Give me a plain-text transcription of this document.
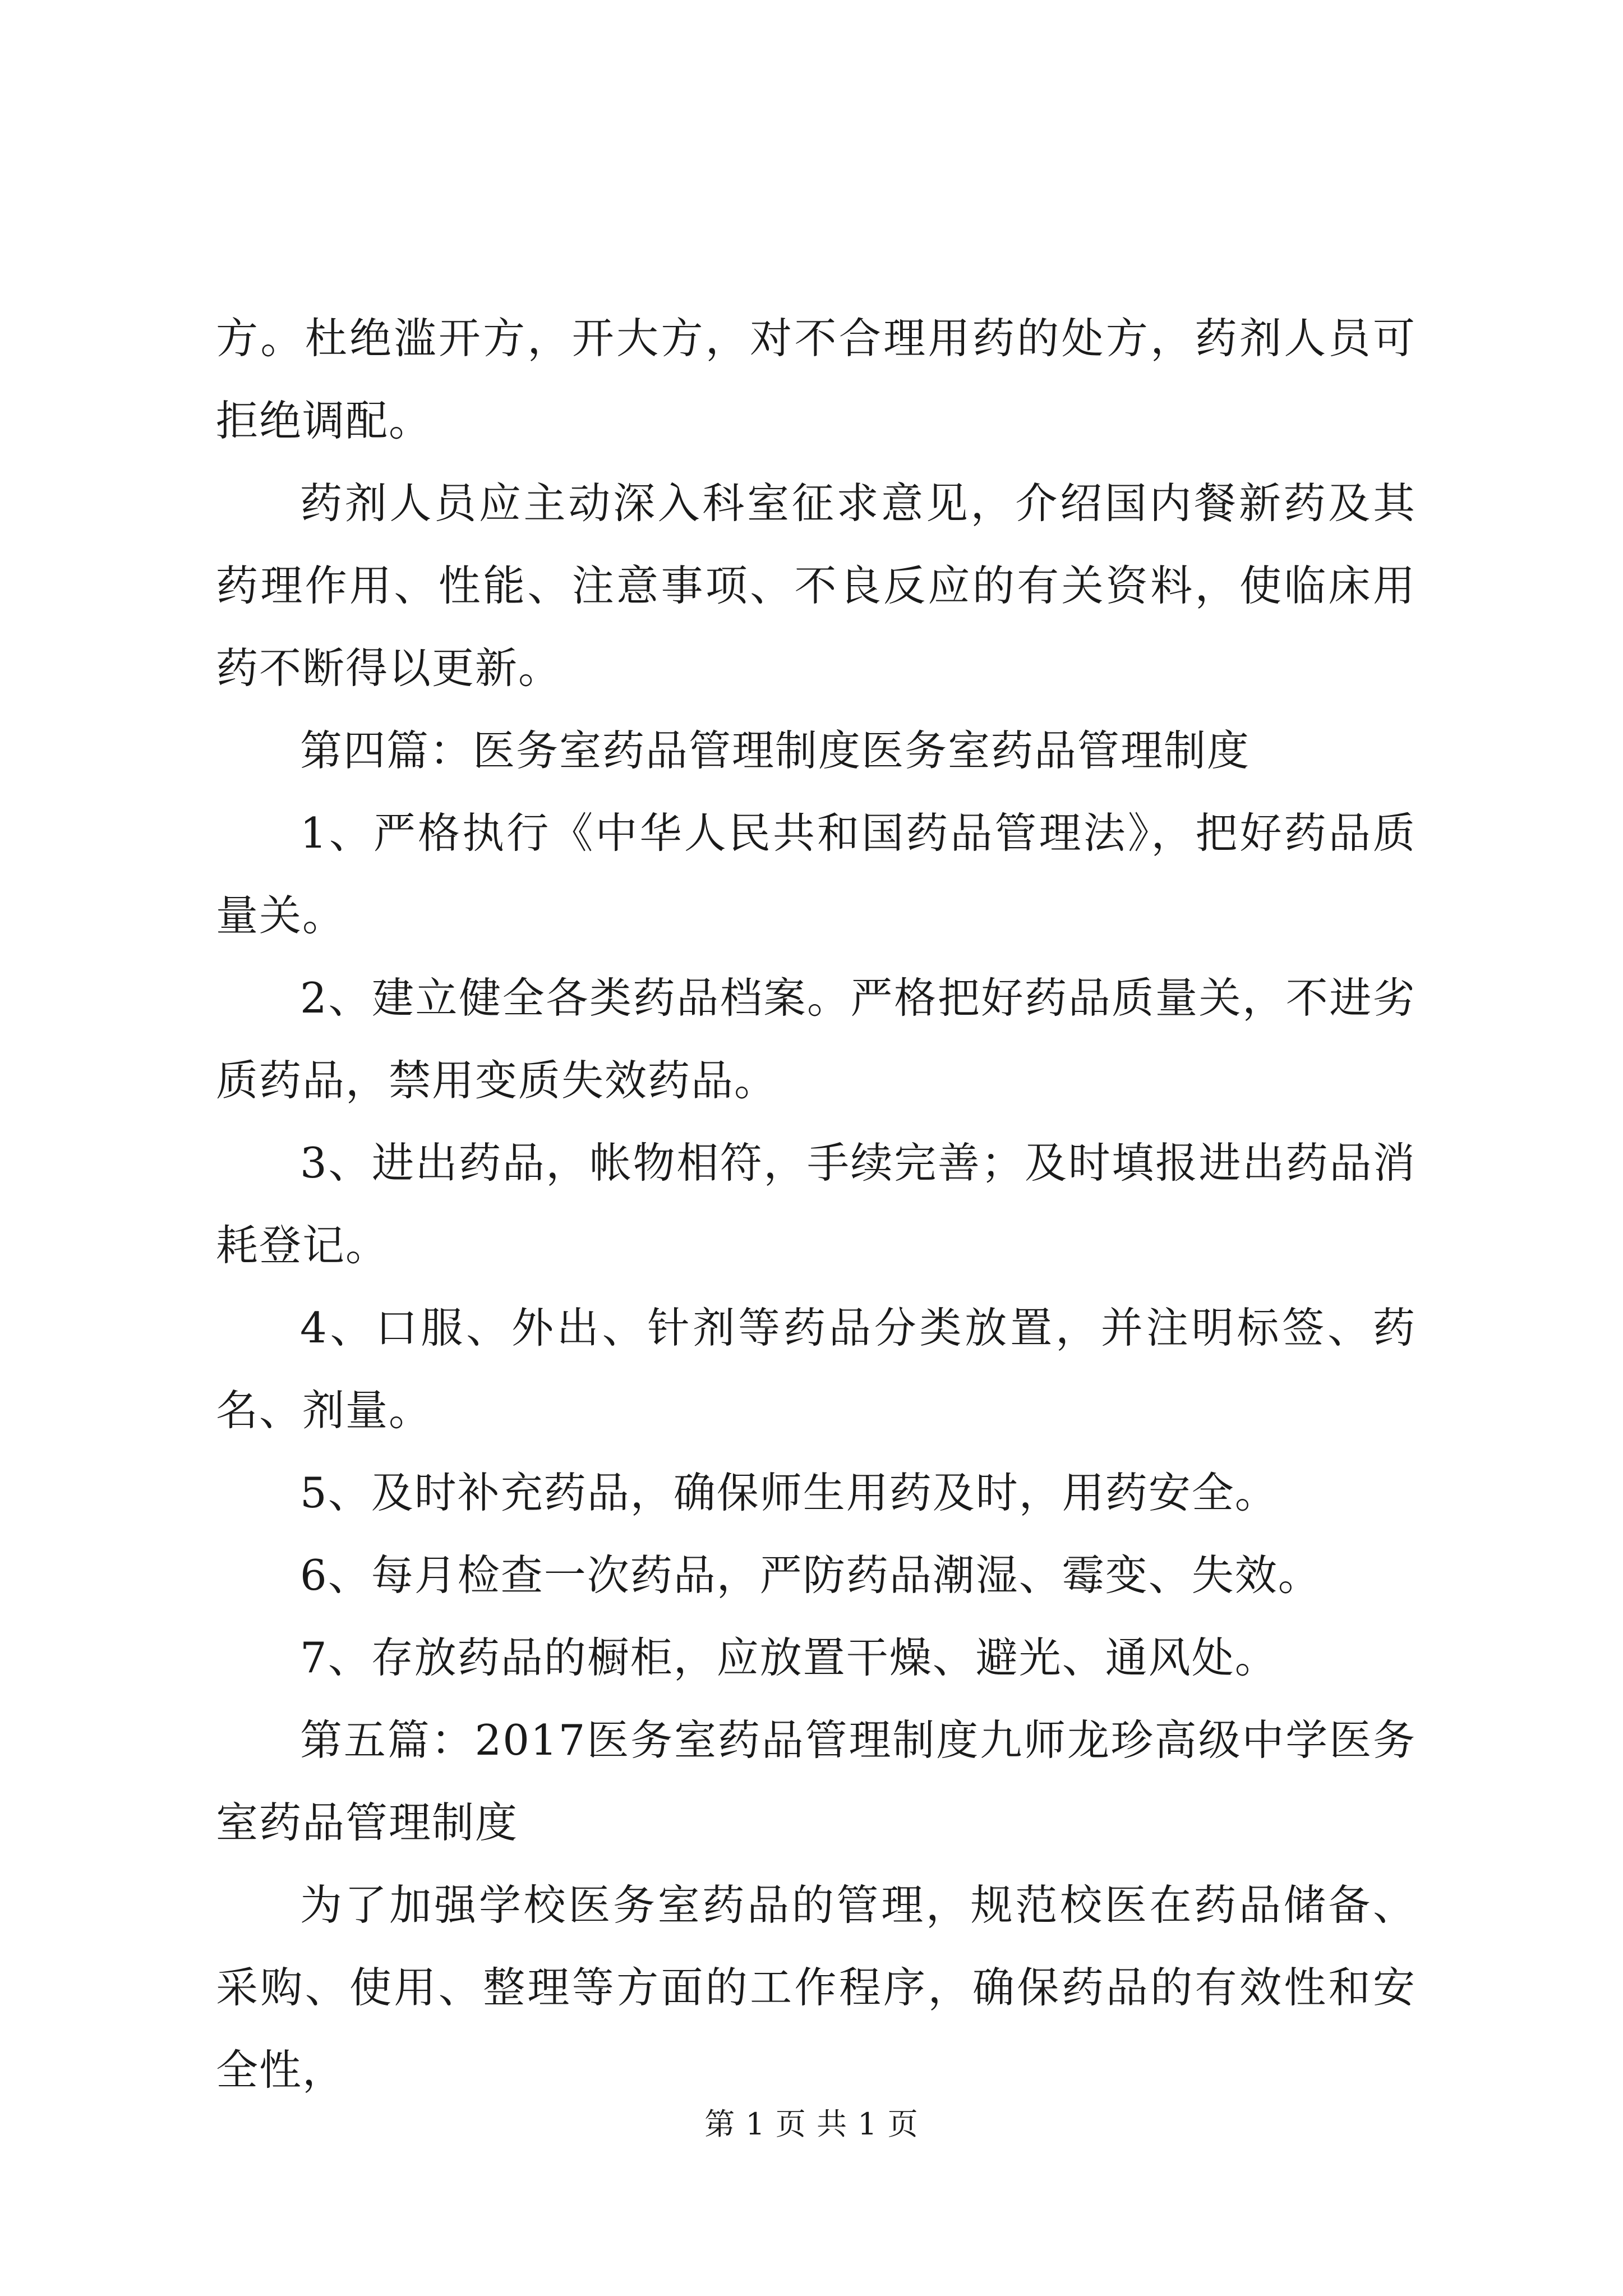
方。杜绝滥开方，开大方，对不合理用药的处方，药剂人员可拒绝调配。

药剂人员应主动深入科室征求意见，介绍国内餐新药及其药理作用、性能、注意事项、不良反应的有关资料，使临床用药不断得以更新。

第四篇：医务室药品管理制度医务室药品管理制度

1、严格执行《中华人民共和国药品管理法》，把好药品质量关。

2、建立健全各类药品档案。严格把好药品质量关，不进劣质药品，禁用变质失效药品。

3、进出药品，帐物相符，手续完善；及时填报进出药品消耗登记。

4、口服、外出、针剂等药品分类放置，并注明标签、药名、剂量。

5、及时补充药品，确保师生用药及时，用药安全。

6、每月检查一次药品，严防药品潮湿、霉变、失效。

7、存放药品的橱柜，应放置干燥、避光、通风处。

第五篇：2017医务室药品管理制度九师龙珍高级中学医务室药品管理制度

为了加强学校医务室药品的管理，规范校医在药品储备、采购、使用、整理等方面的工作程序，确保药品的有效性和安全性，

第 1 页 共 1 页
